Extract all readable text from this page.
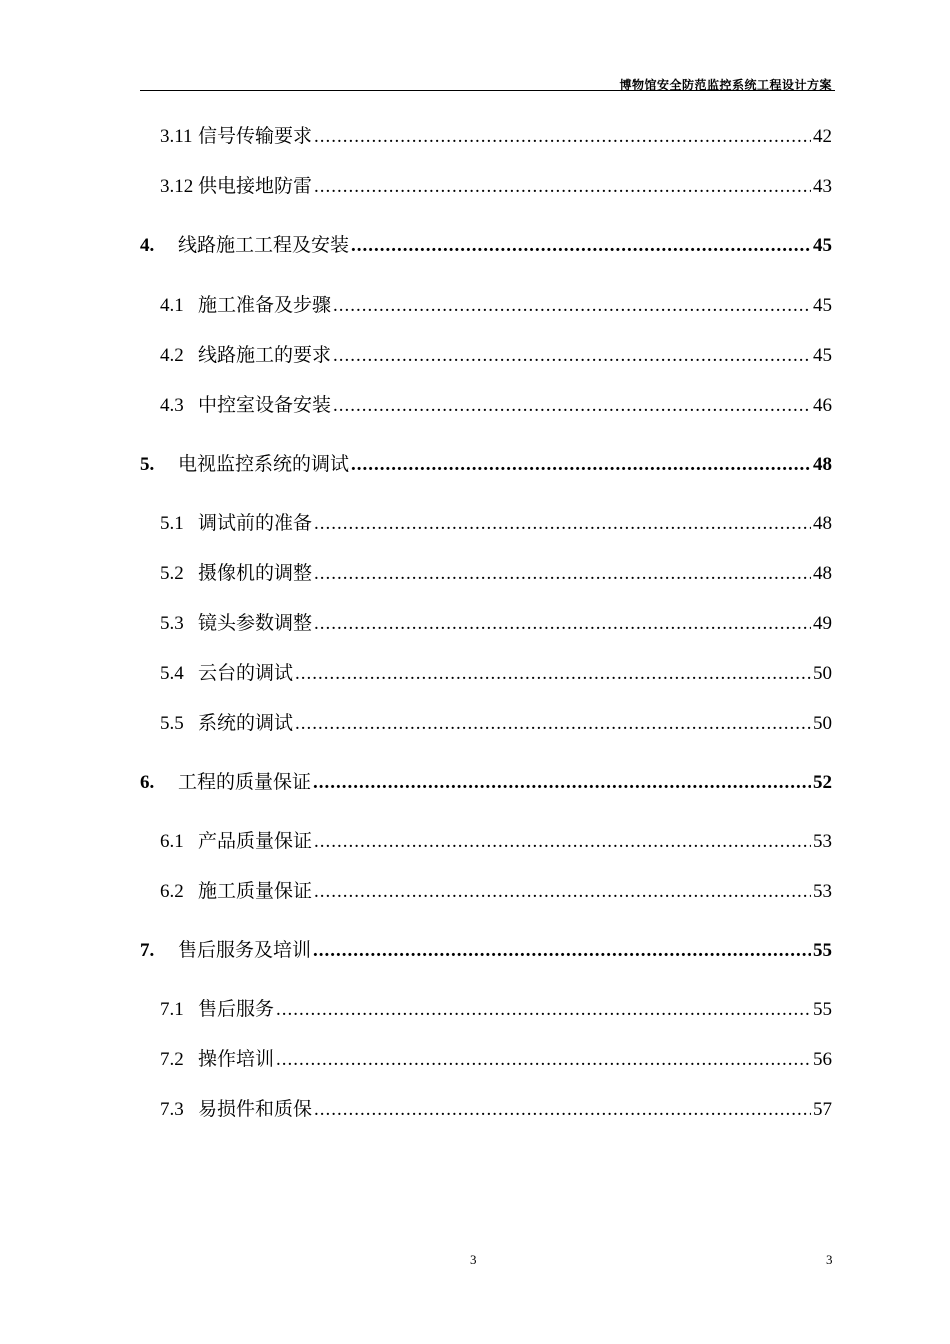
博物馆安全防范监控系统工程设计方案
3.11 信号传输要求 .....	42
3.12 供电接地防雷 .....	43
4.	线路施工工程及安装 .....	45
4.1 施工准备及步骤 .....	45
4.2 线路施工的要求 .....	45
4.3 中控室设备安装 .....	46
5.	电视监控系统的调试 .....	48
5.1 调试前的准备 .....	48
5.2 摄像机的调整 .....	48
5.3 镜头参数调整 .....	49
5.4 云台的调试 .....	50
5.5 系统的调试 .....	50
6.	工程的质量保证 .....	52
6.1 产品质量保证 .....	53
6.2 施工质量保证 .....	53
7.	售后服务及培训 .....	55
7.1 售后服务 .....	55
7.2 操作培训 .....	56
7.3 易损件和质保 .....	57
3	3
